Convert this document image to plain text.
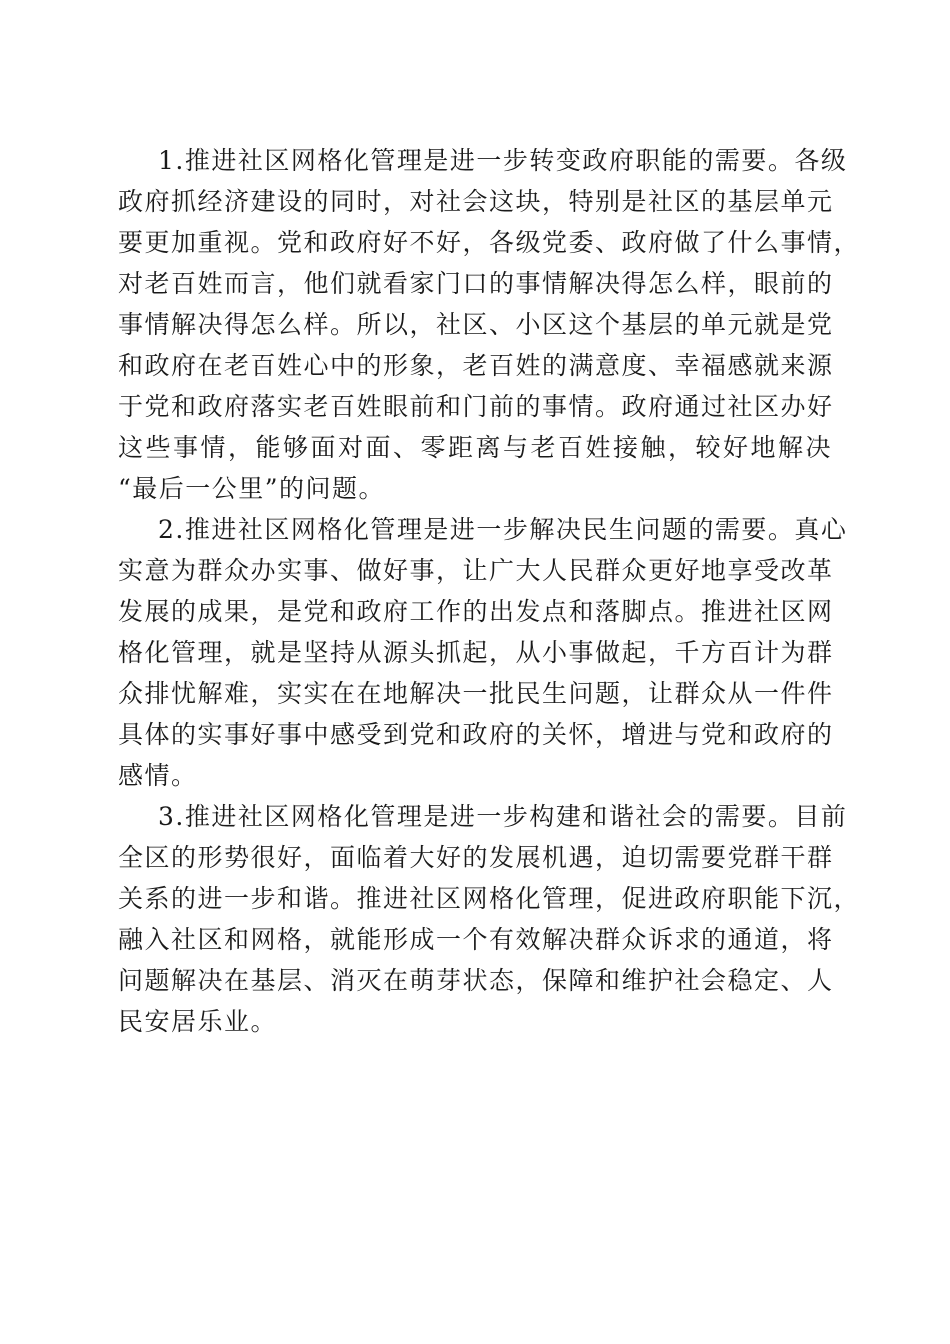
1.推进社区网格化管理是进一步转变政府职能的需要。各级
政府抓经济建设的同时，对社会这块，特别是社区的基层单元
要更加重视。党和政府好不好，各级党委、政府做了什么事情，
对老百姓而言，他们就看家门口的事情解决得怎么样，眼前的
事情解决得怎么样。所以，社区、小区这个基层的单元就是党
和政府在老百姓心中的形象，老百姓的满意度、幸福感就来源
于党和政府落实老百姓眼前和门前的事情。政府通过社区办好
这些事情，能够面对面、零距离与老百姓接触，较好地解决
“最后一公里”的问题。
2.推进社区网格化管理是进一步解决民生问题的需要。真心
实意为群众办实事、做好事，让广大人民群众更好地享受改革
发展的成果，是党和政府工作的出发点和落脚点。推进社区网
格化管理，就是坚持从源头抓起，从小事做起，千方百计为群
众排忧解难，实实在在地解决一批民生问题，让群众从一件件
具体的实事好事中感受到党和政府的关怀，增进与党和政府的
感情。
3.推进社区网格化管理是进一步构建和谐社会的需要。目前
全区的形势很好，面临着大好的发展机遇，迫切需要党群干群
关系的进一步和谐。推进社区网格化管理，促进政府职能下沉，
融入社区和网格，就能形成一个有效解决群众诉求的通道，将
问题解决在基层、消灭在萌芽状态，保障和维护社会稳定、人
民安居乐业。
